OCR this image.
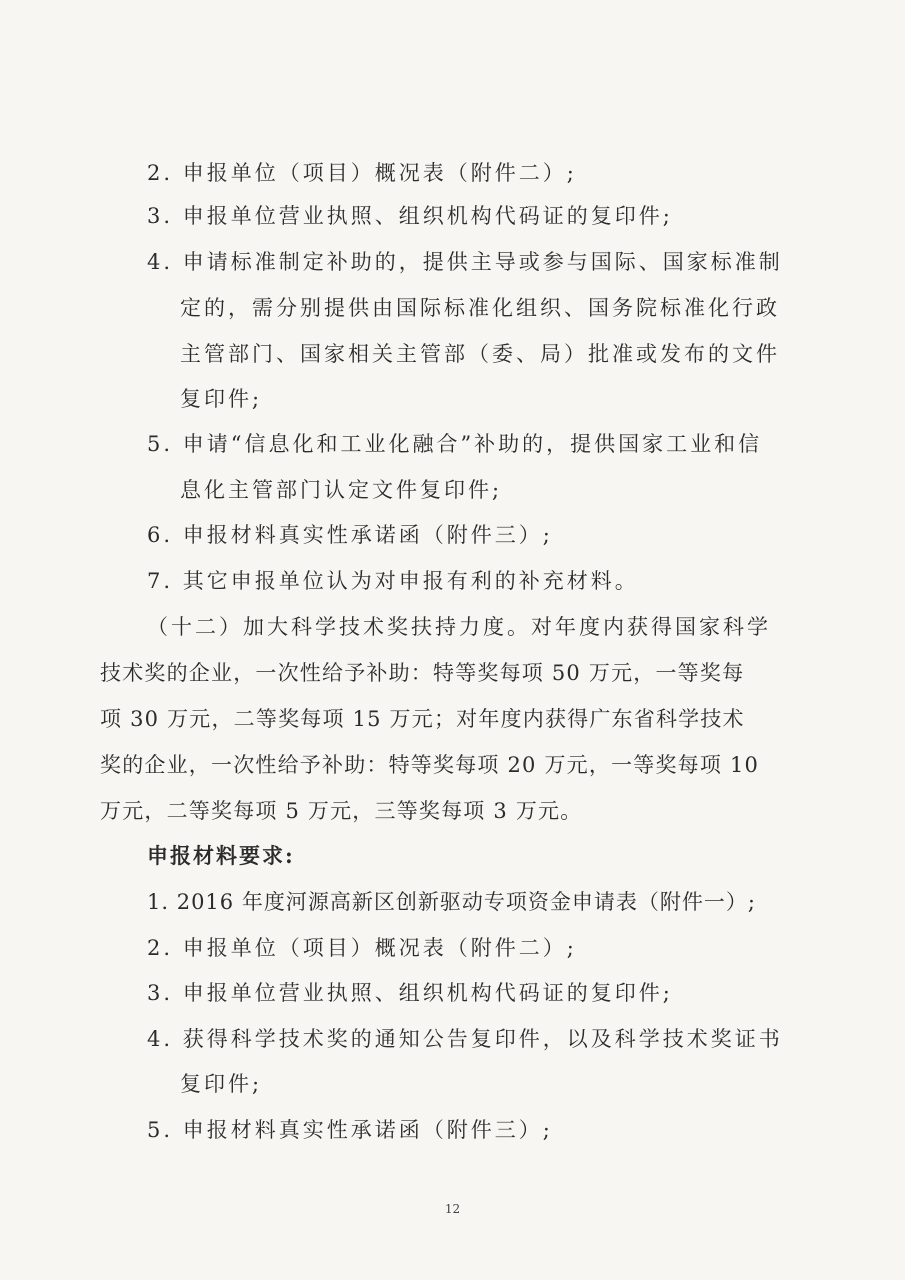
2. 申报单位（项目）概况表（附件二）;
3. 申报单位营业执照、组织机构代码证的复印件;
4. 申请标准制定补助的，提供主导或参与国际、国家标准制
定的，需分别提供由国际标准化组织、国务院标准化行政
主管部门、国家相关主管部（委、局）批准或发布的文件
复印件;
5. 申请“信息化和工业化融合”补助的，提供国家工业和信
息化主管部门认定文件复印件;
6. 申报材料真实性承诺函（附件三）;
7. 其它申报单位认为对申报有利的补充材料。
（十二）加大科学技术奖扶持力度。对年度内获得国家科学
技术奖的企业，一次性给予补助：特等奖每项 50 万元，一等奖每
项 30 万元，二等奖每项 15 万元；对年度内获得广东省科学技术
奖的企业，一次性给予补助：特等奖每项 20 万元，一等奖每项 10
万元，二等奖每项 5 万元，三等奖每项 3 万元。
申报材料要求:
1. 2016 年度河源高新区创新驱动专项资金申请表（附件一）;
2. 申报单位（项目）概况表（附件二）;
3. 申报单位营业执照、组织机构代码证的复印件;
4. 获得科学技术奖的通知公告复印件，以及科学技术奖证书
复印件;
5. 申报材料真实性承诺函（附件三）;
12
